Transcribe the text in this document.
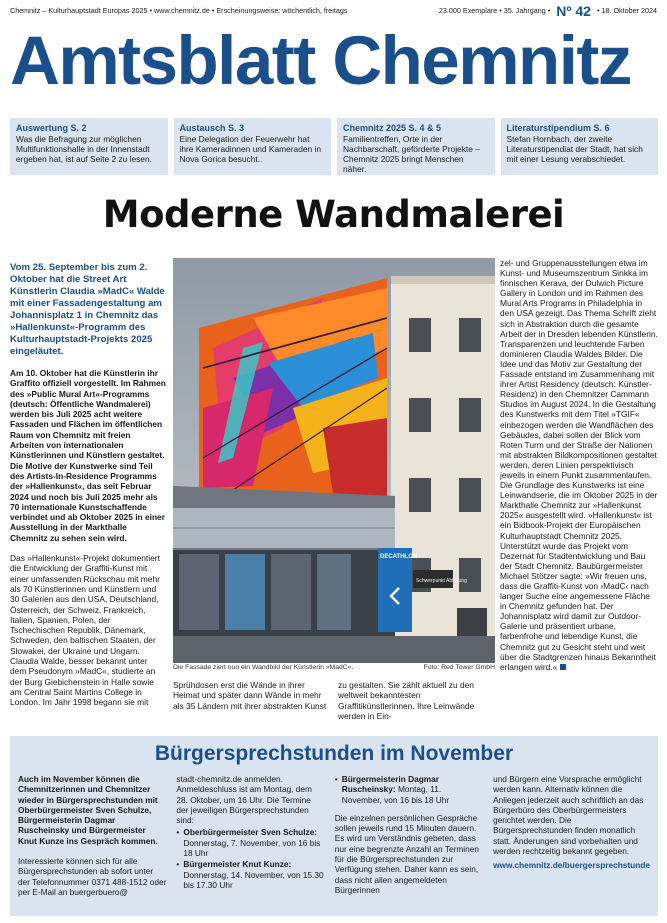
Chemnitz – Kulturhauptstadt Europas 2025 • www.chemnitz.de • Erscheinungsweise: wöchentlich, freitags	23.000 Exemplare • 35. Jahrgang • Nº 42 • 18. Oktober 2024
Amtsblatt Chemnitz
Auswertung S. 2
Was die Befragung zur möglichen Multifunktionshalle in der Innenstadt ergeben hat, ist auf Seite 2 zu lesen.
Austausch S. 3
Eine Delegation der Feuerwehr hat ihre Kameradinnen und Kameraden in Nova Gorica besucht..
Chemnitz 2025 S. 4 & 5
Familientreffen, Orte in der Nachbarschaft, geförderte Projekte – Chemnitz 2025 bringt Menschen näher.
Literaturstipendium S. 6
Stefan Hornbach, der zweite Literaturstipendiat der Stadt, hat sich mit einer Lesung verabschiedet.
Moderne Wandmalerei

Vom 25. September bis zum 2. Oktober hat die Street Art Künstlerin Claudia »MadC« Walde mit einer Fassadengestaltung am Johannisplatz 1 in Chemnitz das »Hallenkunst«-Programm des Kulturhauptstadt-Projekts 2025 eingeläutet.

Am 10. Oktober hat die Künstlerin ihr Graffito offiziell vorgestellt. Im Rahmen des »Public Mural Art«-Programms (deutsch: Öffentliche Wandmalerei) werden bis Juli 2025 acht weitere Fassaden und Flächen im öffentlichen Raum von Chemnitz mit freien Arbeiten von internationalen Künstlerinnen und Künstlern gestaltet. Die Motive der Kunstwerke sind Teil des Artists-In-Residence Programms der »Hallenkunst«, das seit Februar 2024 und noch bis Juli 2025 mehr als 70 internationale Kunstschaffende verbindet und ab Oktober 2025 in einer Ausstellung in der Markthalle Chemnitz zu sehen sein wird.

Das »Hallenkunst«-Projekt dokumentiert die Entwicklung der Graffiti-Kunst mit einer umfassenden Rückschau mit mehr als 70 Künstlerinnen und Künstlern und 30 Galerien aus den USA, Deutschland, Österreich, der Schweiz, Frankreich, Italien, Spanien, Polen, der Tschechischen Republik, Dänemark, Schweden, den baltischen Staaten, der Slowakei, der Ukraine und Ungarn. Claudia Walde, besser bekannt unter dem Pseudonym »MadC«, studierte an der Burg Giebichenstein in Halle sowie am Central Saint Martins College in London. Im Jahr 1998 begann sie mit

DECATHLON
Schwerpunkt Abteilung
Die Fassade ziert nun ein Wandbild der Künstlerin »MadC«.	Foto: Red Tower GmbH
Sprühdosen erst die Wände in ihrer Heimat und später dann Wände in mehr als 35 Ländern mit ihrer abstrakten Kunst
zu gestalten. Sie zählt aktuell zu den weltweit bekanntesten Graffitikünstlerinnen. Ihre Leinwände werden in Ein-
zel- und Gruppenausstellungen etwa im Kunst- und Museumszentrum Sinkka im finnischen Kerava, der Dulwich Picture Gallery in London und im Rahmen des Mural Arts Programs in Philadelphia in den USA gezeigt. Das Thema Schrift zieht sich in Abstraktion durch die gesamte Arbeit der in Dresden lebenden Künstlerin. Transparenzen und leuchtende Farben dominieren Claudia Waldes Bilder. Die Idee und das Motiv zur Gestaltung der Fassade entstand im Zusammenhang mit ihrer Artist Residency (deutsch: Künstler-Residenz) in den Chemnitzer Cammann Studios im August 2024. In die Gestaltung des Kunstwerks mit dem Titel »TGIF« einbezogen werden die Wandflächen des Gebäudes, dabei sollen der Blick vom Roten Turm und der Straße der Nationen mit abstrakten Bildkompositionen gestaltet werden, deren Linien perspektivisch jeweils in einem Punkt zusammenlaufen. Die Grundlage des Kunstwerks ist eine Leinwandserie, die im Oktober 2025 in der Markthalle Chemnitz zur »Hallenkunst 2025« ausgestellt wird. »Hallenkunst« ist ein Bidbook-Projekt der Europäischen Kulturhauptstadt Chemnitz 2025. Unterstützt wurde das Projekt vom Dezernat für Stadtentwicklung und Bau der Stadt Chemnitz. Baubürgermeister Michael Stötzer sagte: »Wir freuen uns, dass die Graffiti-Kunst von ›MadC‹ nach langer Suche eine angemessene Fläche in Chemnitz gefunden hat. Der Johannisplatz wird damit zur Outdoor-Galerie und präsentiert urbane, farbenfrohe und lebendige Kunst, die Chemnitz gut zu Gesicht steht und weit über die Stadtgrenzen hinaus Bekanntheit erlangen wird.«
Bürgersprechstunden im November

Auch im November können die Chemnitzerinnen und Chemnitzer wieder in Bürgersprechstunden mit Oberbürgermeister Sven Schulze, Bürgermeisterin Dagmar Ruscheinsky und Bürgermeister Knut Kunze ins Gespräch kommen.

Interessierte können sich für alle Bürgersprechstunden ab sofort unter der Telefonnummer 0371 488-1512 oder per E-Mail an buergerbuero@

stadt-chemnitz.de anmelden. Anmeldeschluss ist am Montag, dem 28. Oktober, um 16 Uhr. Die Termine der jeweiligen Bürgersprechstunden sind:

• Oberbürgermeister Sven Schulze: Donnerstag, 7. November, von 16 bis 18 Uhr
• Bürgermeister Knut Kunze: Donnerstag, 14. November, von 15.30 bis 17.30 Uhr
• Bürgermeisterin Dagmar Ruscheinsky: Montag, 11. November, von 16 bis 18 Uhr

Die einzelnen persönlichen Gespräche sollen jeweils rund 15 Minuten dauern. Es wird um Verständnis gebeten, dass nur eine begrenzte Anzahl an Terminen für die Bürgersprechstunden zur Verfügung stehen. Daher kann es sein, dass nicht allen angemeldeten Bürgerinnen

und Bürgern eine Vorsprache ermöglicht werden kann. Alternativ können die Anliegen jederzeit auch schriftlich an das Bürgerbüro des Oberbürgermeisters gerichtet werden. Die Bürgersprechstunden finden monatlich statt. Änderungen sind vorbehalten und werden rechtzeitig bekannt gegeben.

www.chemnitz.de/buergersprechstunde
